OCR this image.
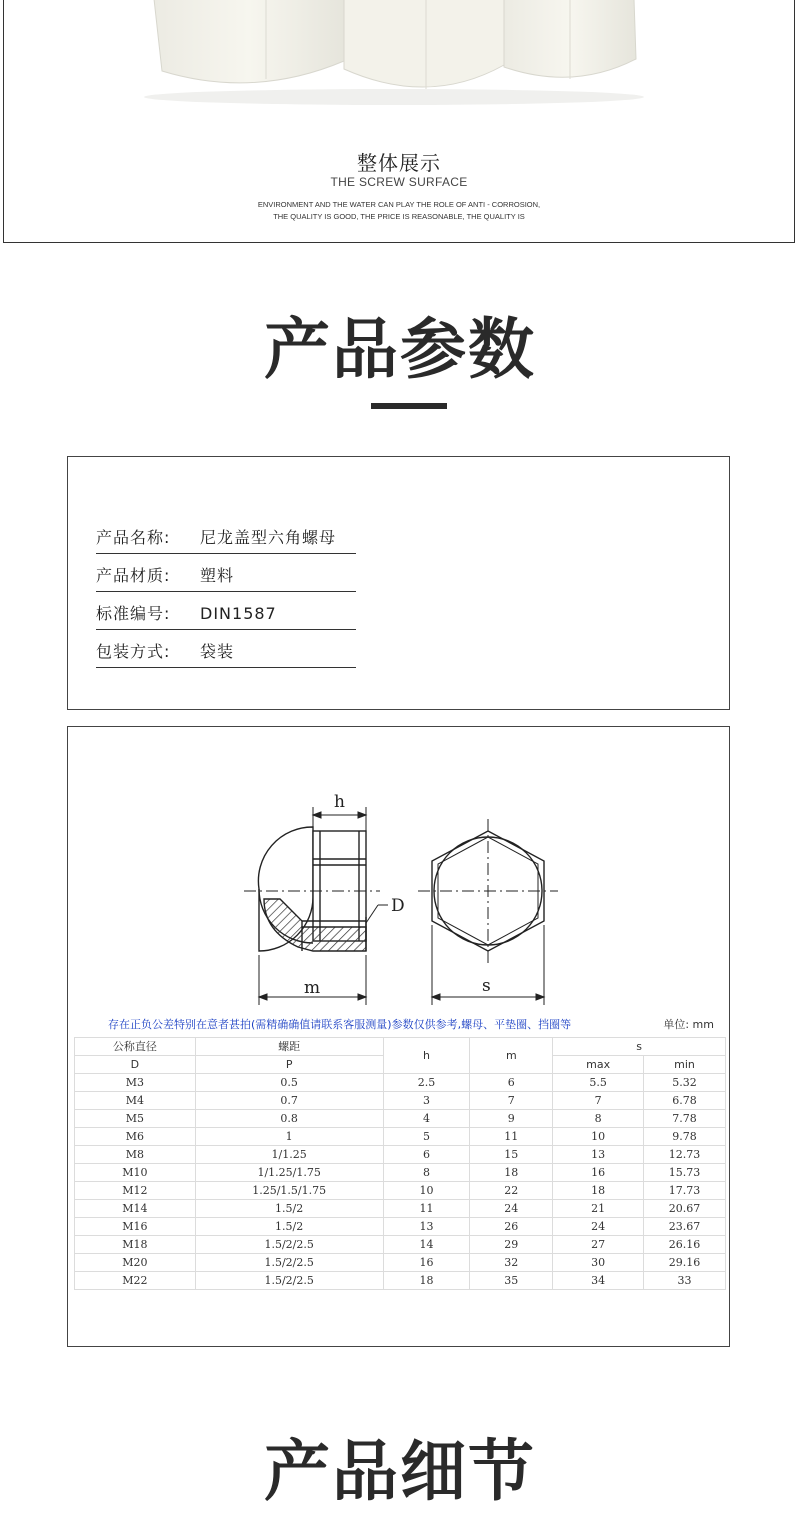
整体展示
THE SCREW SURFACE
ENVIRONMENT AND THE WATER CAN PLAY THE ROLE OF ANTI - CORROSION,
THE QUALITY IS GOOD, THE PRICE IS REASONABLE, THE QUALITY IS
产品参数
产品名称: 尼龙盖型六角螺母
产品材质: 塑料
标准编号: DIN1587
包装方式: 袋装
h
D
m	s
存在正负公差特别在意者甚拍(需精确确值请联系客服测量)参数仅供参考,螺母、平垫圈、挡圈等	单位: mm
公称直径	螺距	h	m	s	
D	P			max	min
M3	0.5	2.5	6	5.5	5.32
M4	0.7	3	7	7	6.78
M5	0.8	4	9	8	7.78
M6	1	5	11	10	9.78
M8	1/1.25	6	15	13	12.73
M10	1/1.25/1.75	8	18	16	15.73
M12	1.25/1.5/1.75	10	22	18	17.73
M14	1.5/2	11	24	21	20.67
M16	1.5/2	13	26	24	23.67
M18	1.5/2/2.5	14	29	27	26.16
M20	1.5/2/2.5	16	32	30	29.16
M22	1.5/2/2.5	18	35	34	33
产品细节
